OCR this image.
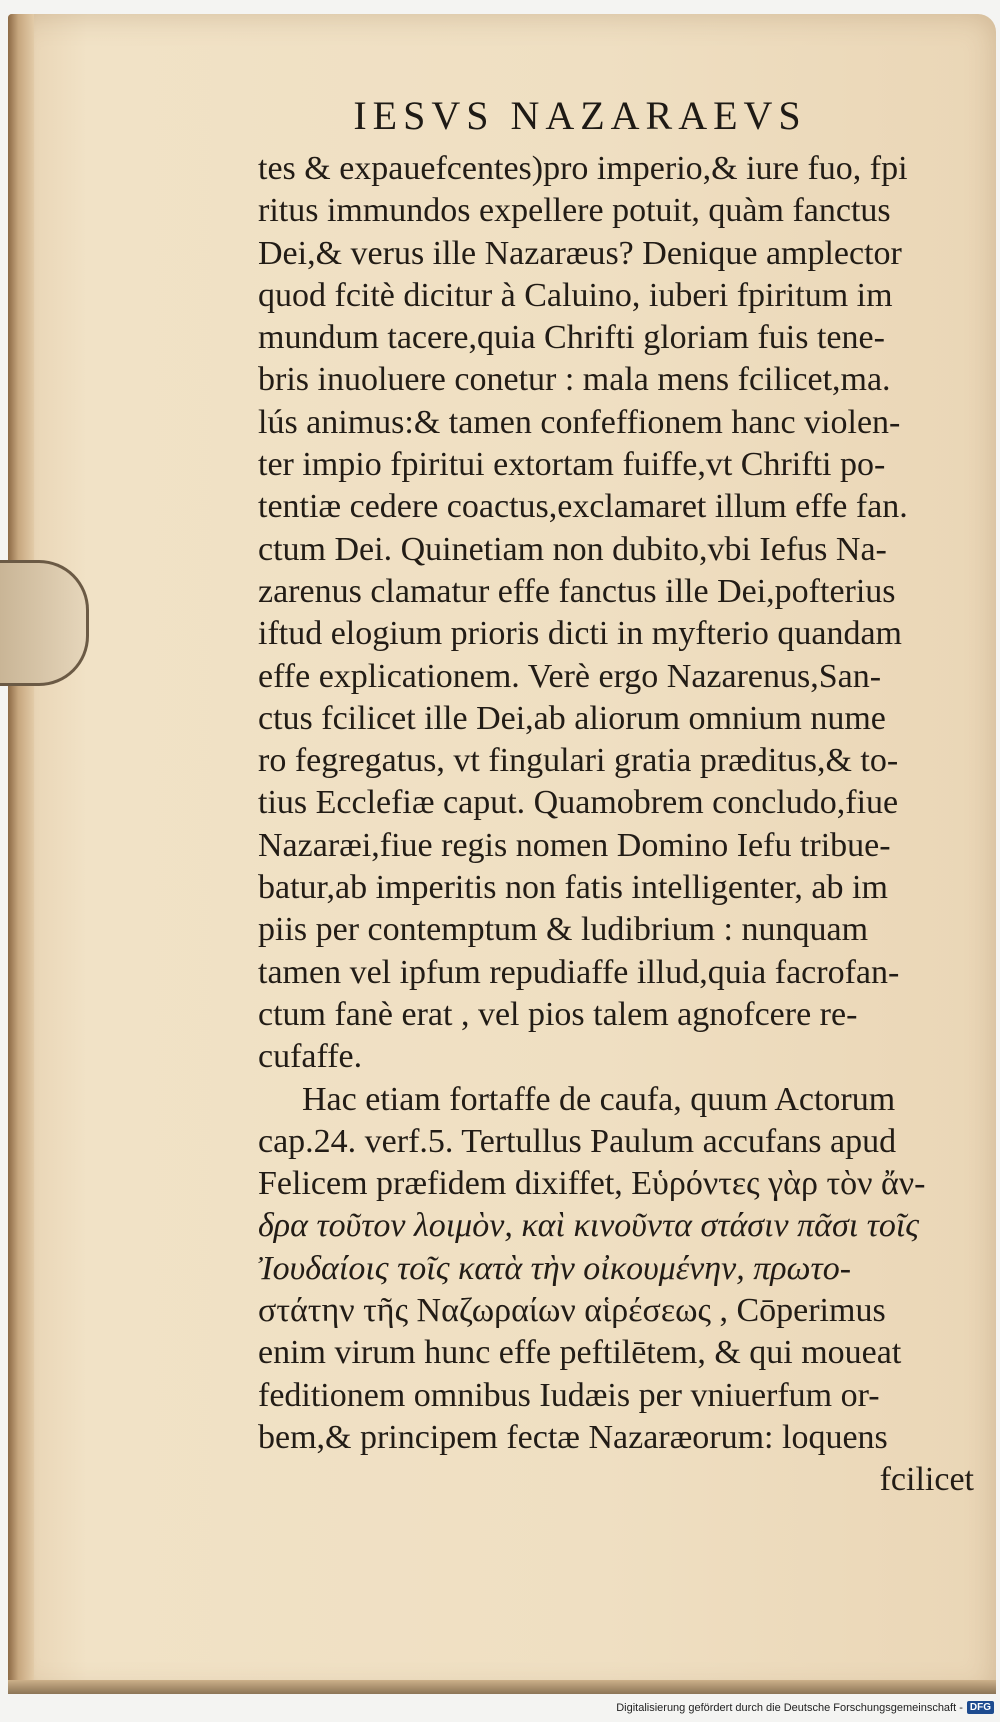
IESVS NAZARAEVS
tes & expauefcentes)pro imperio,& iure fuo, fpi
ritus immundos expellere potuit, quàm fanctus
Dei,& verus ille Nazaræus? Denique amplector
quod fcitè dicitur à Caluino, iuberi fpiritum im
mundum tacere,quia Chrifti gloriam fuis tene-
bris inuoluere conetur : mala mens fcilicet,ma.
lús animus:& tamen confeffionem hanc violen-
ter impio fpiritui extortam fuiffe,vt Chrifti po-
tentiæ cedere coactus,exclamaret illum effe fan.
ctum Dei. Quinetiam non dubito,vbi Iefus Na-
zarenus clamatur effe fanctus ille Dei,pofterius
iftud elogium prioris dicti in myfterio quandam
effe explicationem. Verè ergo Nazarenus,San-
ctus fcilicet ille Dei,ab aliorum omnium nume
ro fegregatus, vt fingulari gratia præditus,& to-
tius Ecclefiæ caput. Quamobrem concludo,fiue
Nazaræi,fiue regis nomen Domino Iefu tribue-
batur,ab imperitis non fatis intelligenter, ab im
piis per contemptum & ludibrium : nunquam
tamen vel ipfum repudiaffe illud,quia facrofan-
ctum fanè erat , vel pios talem agnofcere re-
cufaffe.
Hac etiam fortaffe de caufa, quum Actorum
cap.24. verf.5. Tertullus Paulum accufans apud
Felicem præfidem dixiffet, Εὑρόντες γὰρ τὸν ἄν-
δρα τοῦτον λοιμὸν, καὶ κινοῦντα στάσιν πᾶσι τοῖς
Ἰουδαίοις τοῖς κατὰ τὴν οἰκουμένην, πρωτο-
στάτην τῆς Ναζωραίων αἱρέσεως , Cōperimus
enim virum hunc effe peftilētem, & qui moueat
feditionem omnibus Iudæis per vniuerfum or-
bem,& principem fectæ Nazaræorum: loquens
fcilicet
Digitalisierung gefördert durch die Deutsche Forschungsgemeinschaft - DFG
